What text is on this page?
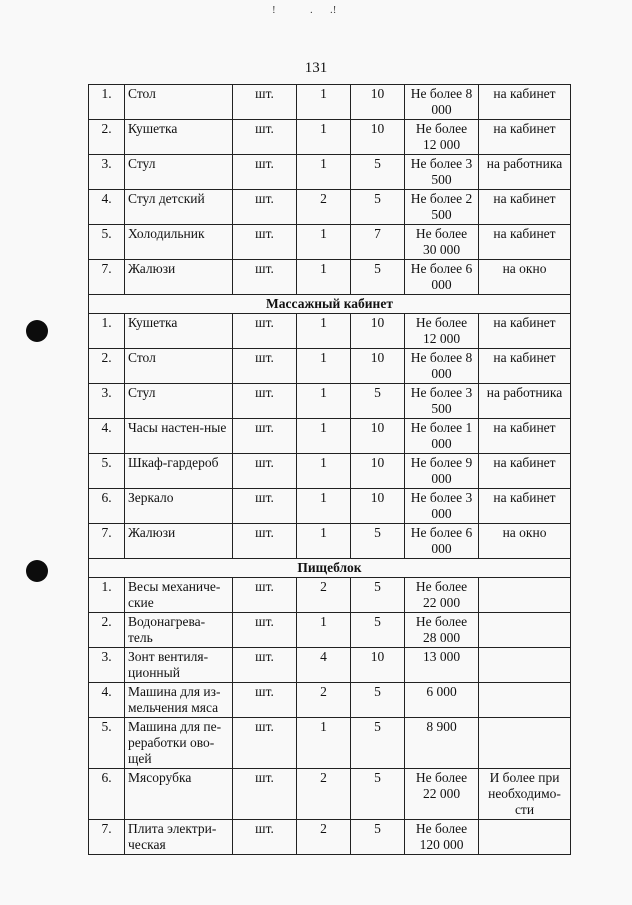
!	. .!
131
1.	Стол	шт.	1	10	Не более 8 000	на кабинет
2.	Кушетка	шт.	1	10	Не более 12 000	на кабинет
3.	Стул	шт.	1	5	Не более 3 500	на работника
4.	Стул детский	шт.	2	5	Не более 2 500	на кабинет
5.	Холодильник	шт.	1	7	Не более 30 000	на кабинет
7.	Жалюзи	шт.	1	5	Не более 6 000	на окно
Массажный кабинет						
1.	Кушетка	шт.	1	10	Не более 12 000	на кабинет
2.	Стол	шт.	1	10	Не более 8 000	на кабинет
3.	Стул	шт.	1	5	Не более 3 500	на работника
4.	Часы настен-ные	шт.	1	10	Не более 1 000	на кабинет
5.	Шкаф-гардероб	шт.	1	10	Не более 9 000	на кабинет
6.	Зеркало	шт.	1	10	Не более 3 000	на кабинет
7.	Жалюзи	шт.	1	5	Не более 6 000	на окно
Пищеблок						
1.	Весы механиче-ские	шт.	2	5	Не более 22 000	
2.	Водонагрева-тель	шт.	1	5	Не более 28 000	
3.	Зонт вентиля-ционный	шт.	4	10	13 000	
4.	Машина для из-мельчения мяса	шт.	2	5	6 000	
5.	Машина для пе-реработки ово-щей	шт.	1	5	8 900	
6.	Мясорубка	шт.	2	5	Не более 22 000	И более при необходимо-сти
7.	Плита электри-ческая	шт.	2	5	Не более 120 000	
